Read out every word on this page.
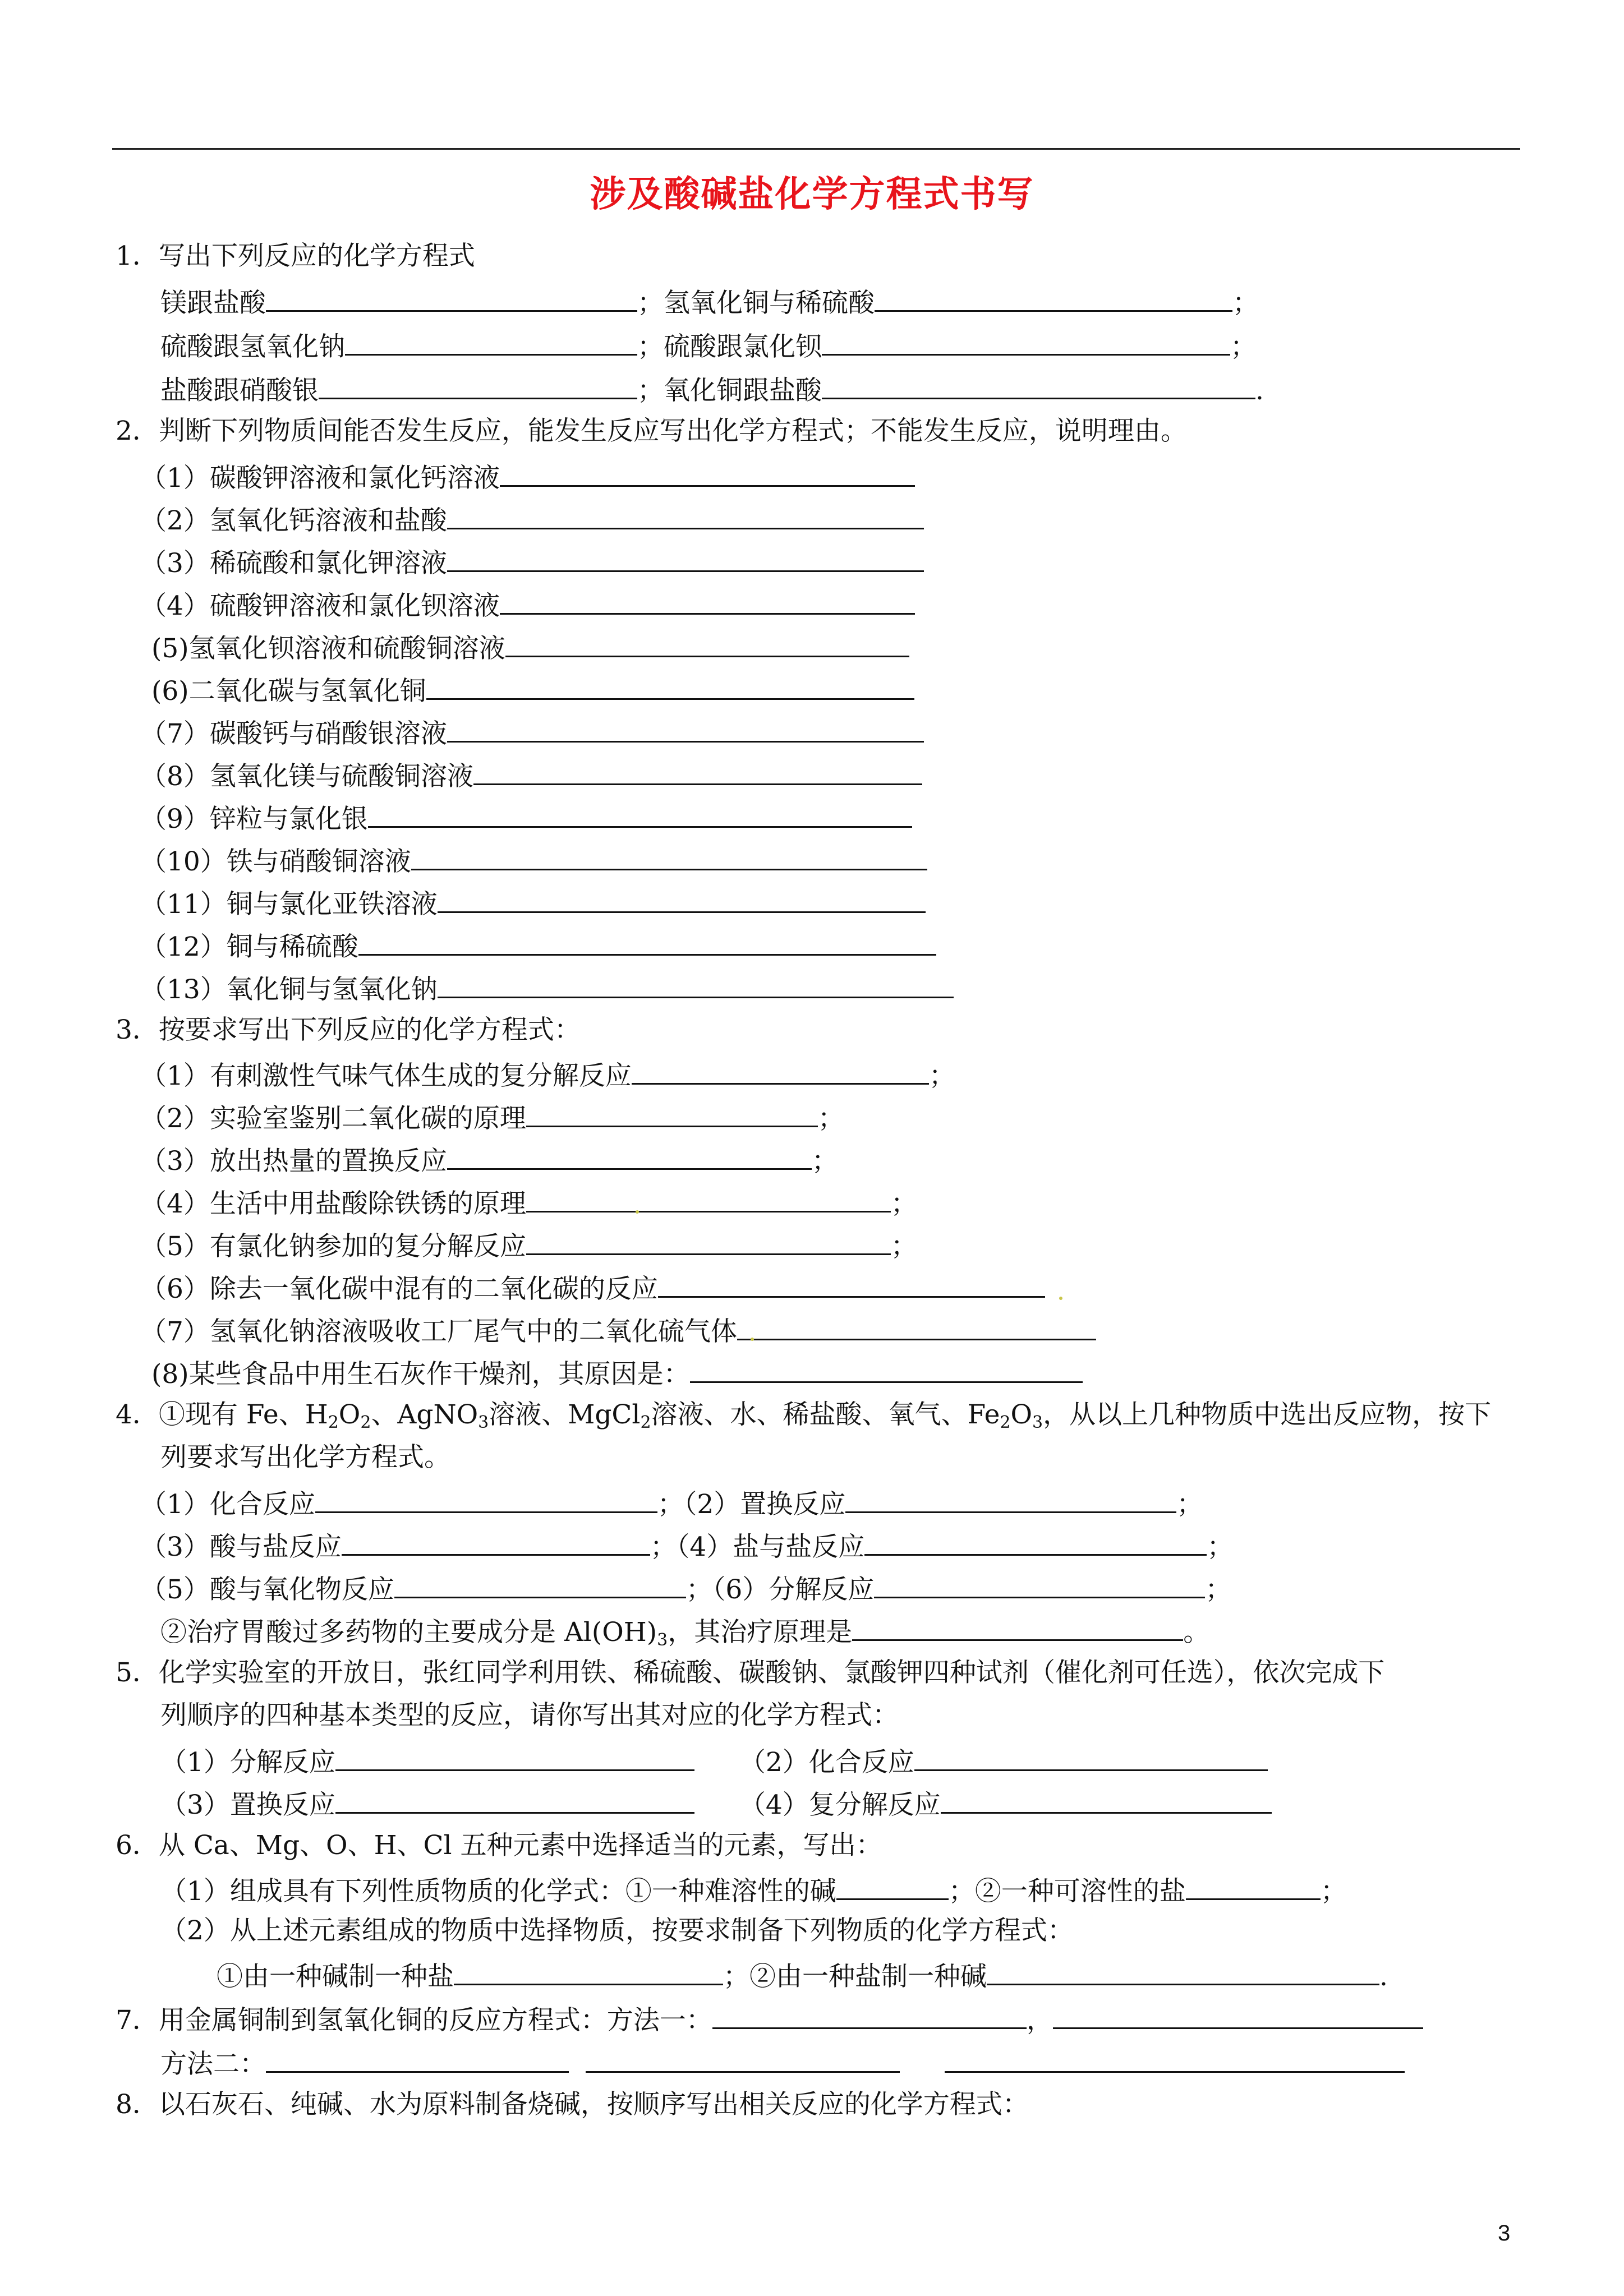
涉及酸碱盐化学方程式书写
1．写出下列反应的化学方程式
镁跟盐酸	；氢氧化铜与稀硫酸	；
硫酸跟氢氧化钠	；硫酸跟氯化钡	；
盐酸跟硝酸银	；氧化铜跟盐酸	.
2．判断下列物质间能否发生反应，能发生反应写出化学方程式；不能发生反应，说明理由。
（1）碳酸钾溶液和氯化钙溶液
（2）氢氧化钙溶液和盐酸
（3）稀硫酸和氯化钾溶液
（4）硫酸钾溶液和氯化钡溶液
(5)氢氧化钡溶液和硫酸铜溶液
(6)二氧化碳与氢氧化铜
（7）碳酸钙与硝酸银溶液
（8）氢氧化镁与硫酸铜溶液
（9）锌粒与氯化银
（10）铁与硝酸铜溶液
（11）铜与氯化亚铁溶液
（12）铜与稀硫酸
（13）氧化铜与氢氧化钠
3．按要求写出下列反应的化学方程式：
（1）有刺激性气味气体生成的复分解反应	；
（2）实验室鉴别二氧化碳的原理	；
（3）放出热量的置换反应	；
（4）生活中用盐酸除铁锈的原理	；
（5）有氯化钠参加的复分解反应	；
（6）除去一氧化碳中混有的二氧化碳的反应
（7）氢氧化钠溶液吸收工厂尾气中的二氧化硫气体
(8)某些食品中用生石灰作干燥剂，其原因是：
4．①现有 Fe、$H_2O_2$、AgNO$_3$溶液、MgCl$_2$溶液、水、稀盐酸、氧气、$Fe_2O_3$，从以上几种物质中选出反应物，按下
列要求写出化学方程式。
（1）化合反应	；（2）置换反应	；
（3）酸与盐反应	；（4）盐与盐反应	；
（5）酸与氧化物反应	；（6）分解反应	；
②治疗胃酸过多药物的主要成分是 $Al(OH)_3$，其治疗原理是	。
5．化学实验室的开放日，张红同学利用铁、稀硫酸、碳酸钠、氯酸钾四种试剂（催化剂可任选），依次完成下
列顺序的四种基本类型的反应，请你写出其对应的化学方程式：
（1）分解反应	（2）化合反应
（3）置换反应	（4）复分解反应
6．从 Ca、Mg、O、H、Cl 五种元素中选择适当的元素，写出：
（1）组成具有下列性质物质的化学式：①一种难溶性的碱	；②一种可溶性的盐	；
（2）从上述元素组成的物质中选择物质，按要求制备下列物质的化学方程式：
①由一种碱制一种盐	；②由一种盐制一种碱	.
7．用金属铜制到氢氧化铜的反应方程式：方法一：	，
方法二：
8．以石灰石、纯碱、水为原料制备烧碱，按顺序写出相关反应的化学方程式：
3
